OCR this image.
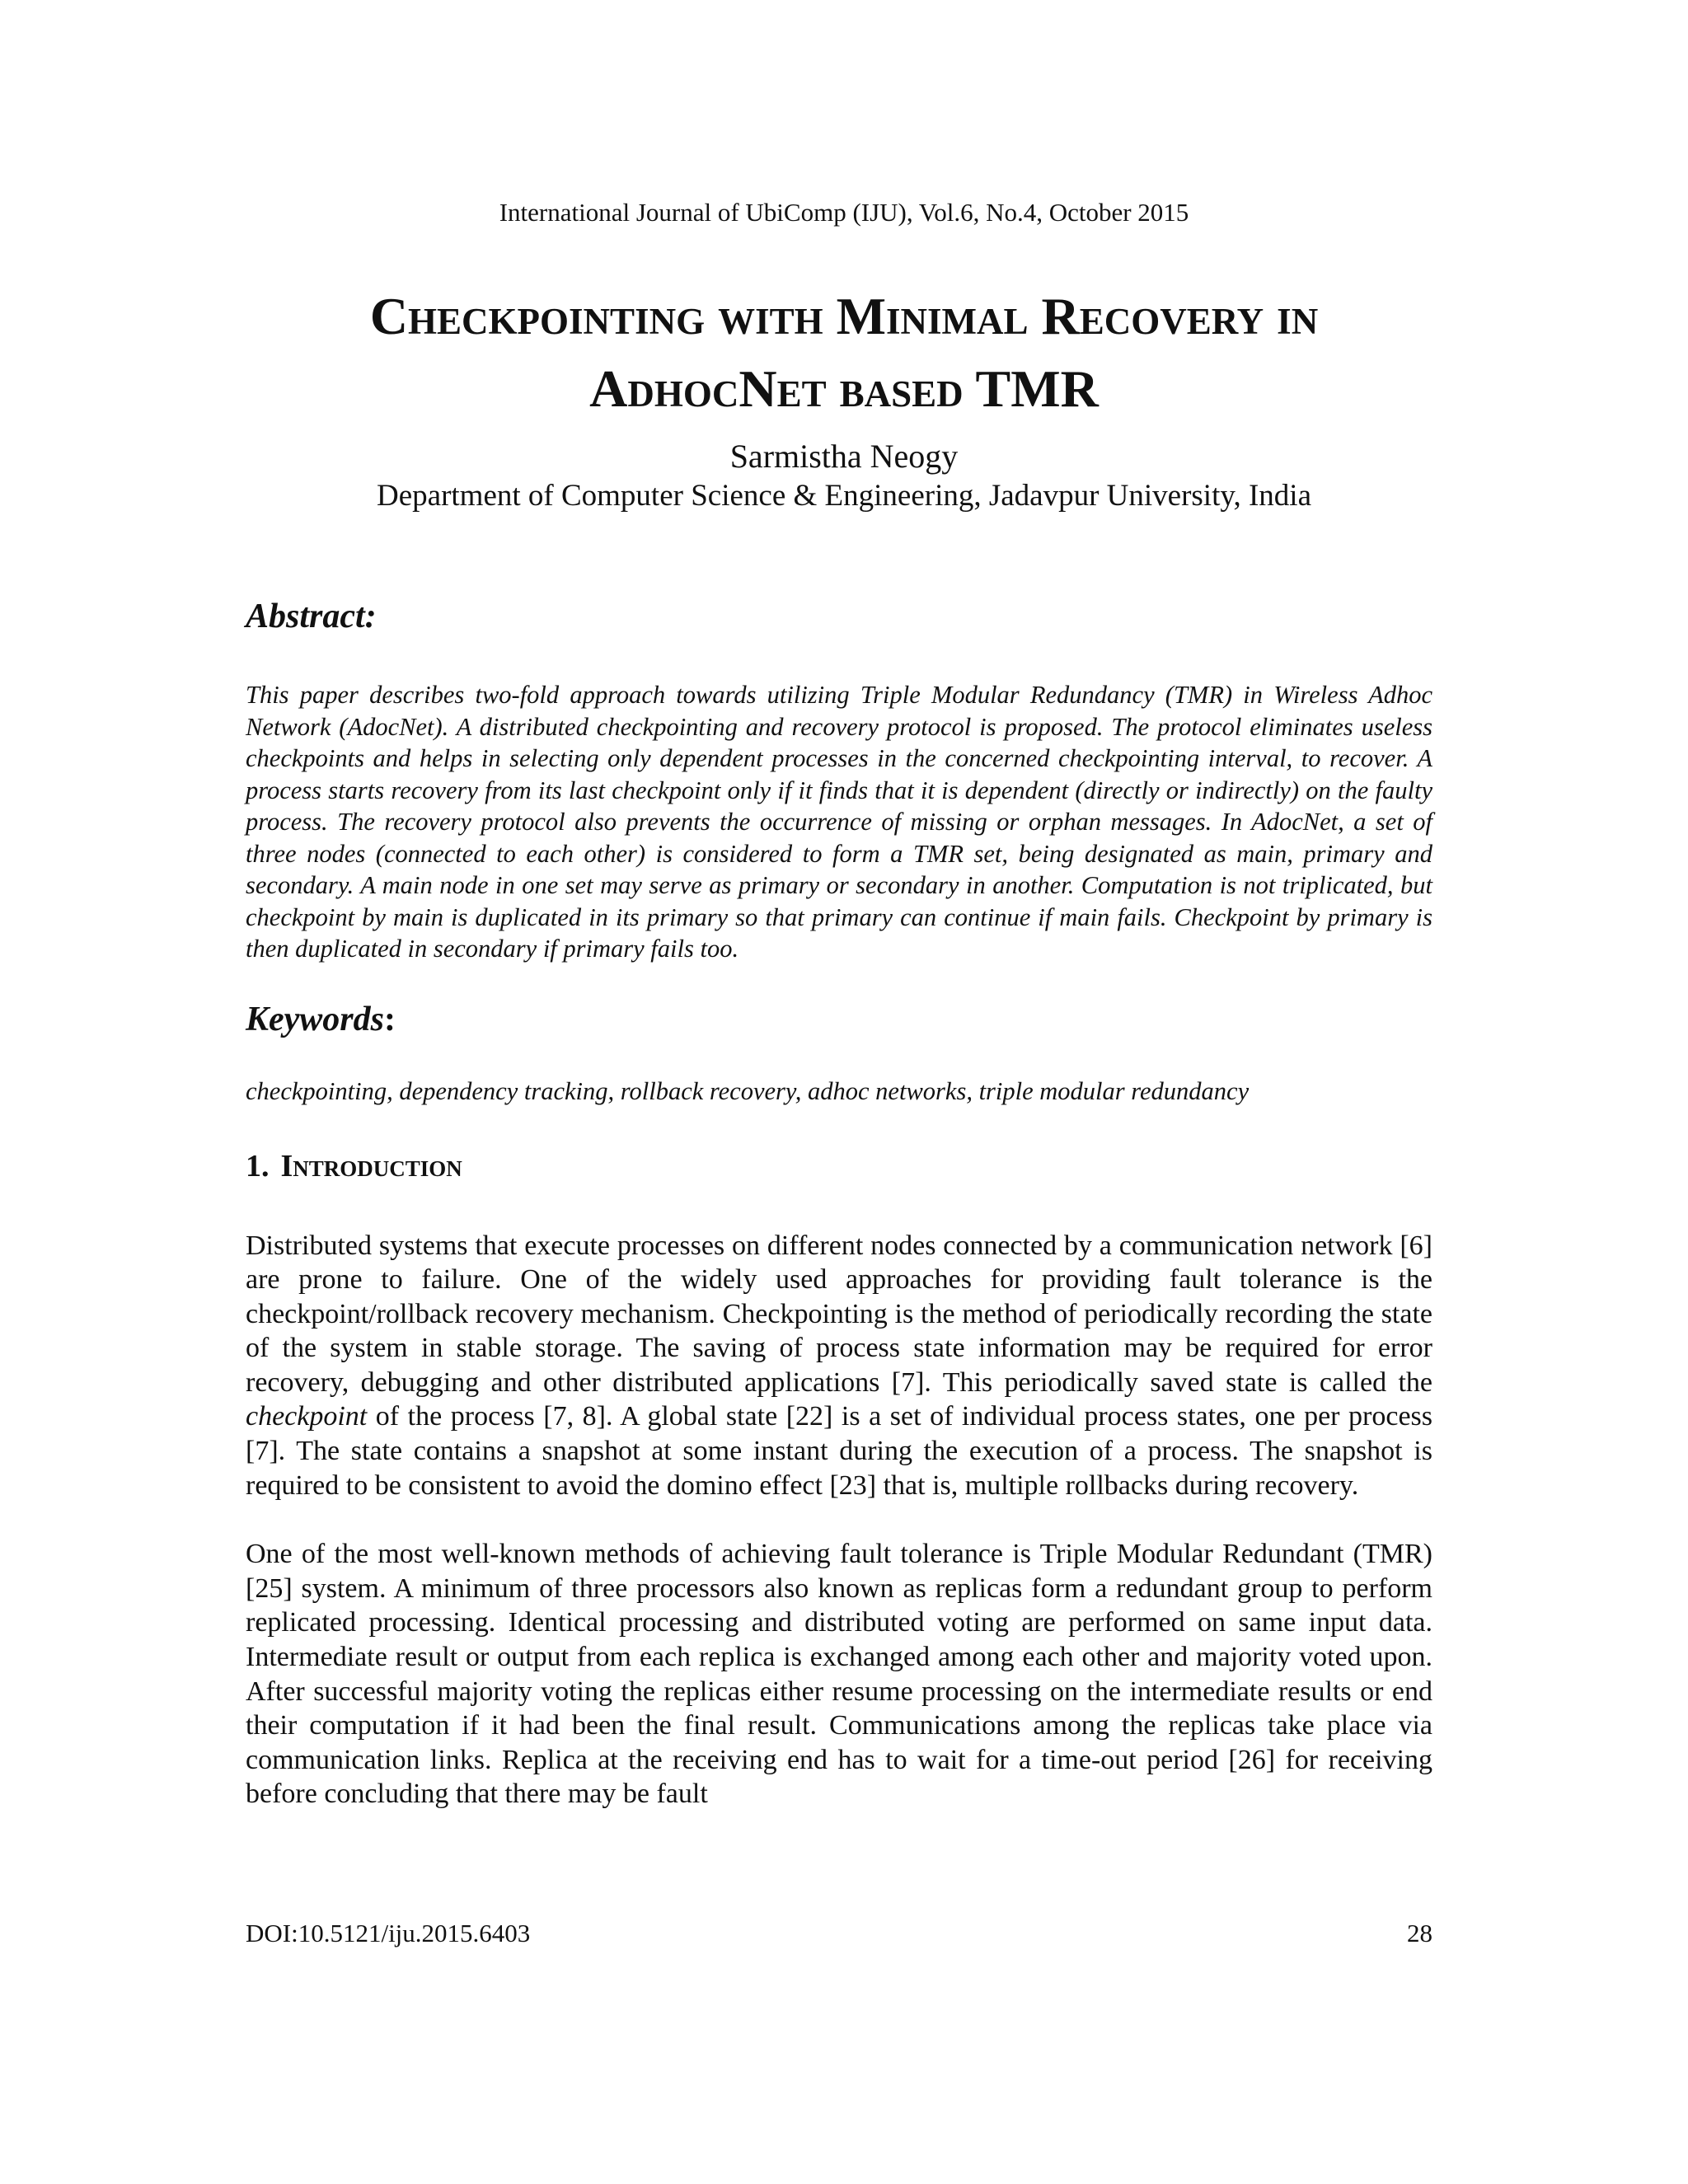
International Journal of UbiComp (IJU), Vol.6, No.4, October 2015
Checkpointing with Minimal Recovery in
AdhocNet based TMR
Sarmistha Neogy
Department of Computer Science & Engineering, Jadavpur University, India
Abstract:

This paper describes two-fold approach towards utilizing Triple Modular Redundancy (TMR) in Wireless Adhoc Network (AdocNet). A distributed checkpointing and recovery protocol is proposed. The protocol eliminates useless checkpoints and helps in selecting only dependent processes in the concerned checkpointing interval, to recover. A process starts recovery from its last checkpoint only if it finds that it is dependent (directly or indirectly) on the faulty process. The recovery protocol also prevents the occurrence of missing or orphan messages. In AdocNet, a set of three nodes (connected to each other) is considered to form a TMR set, being designated as main, primary and secondary. A main node in one set may serve as primary or secondary in another. Computation is not triplicated, but checkpoint by main is duplicated in its primary so that primary can continue if main fails. Checkpoint by primary is then duplicated in secondary if primary fails too.

Keywords:

checkpointing, dependency tracking, rollback recovery, adhoc networks, triple modular redundancy

1. Introduction

Distributed systems that execute processes on different nodes connected by a communication network [6] are prone to failure. One of the widely used approaches for providing fault tolerance is the checkpoint/rollback recovery mechanism. Checkpointing is the method of periodically recording the state of the system in stable storage. The saving of process state information may be required for error recovery, debugging and other distributed applications [7]. This periodically saved state is called the checkpoint of the process [7, 8]. A global state [22] is a set of individual process states, one per process [7]. The state contains a snapshot at some instant during the execution of a process. The snapshot is required to be consistent to avoid the domino effect [23] that is, multiple rollbacks during recovery.

One of the most well-known methods of achieving fault tolerance is Triple Modular Redundant (TMR) [25] system. A minimum of three processors also known as replicas form a redundant group to perform replicated processing. Identical processing and distributed voting are performed on same input data. Intermediate result or output from each replica is exchanged among each other and majority voted upon. After successful majority voting the replicas either resume processing on the intermediate results or end their computation if it had been the final result. Communications among the replicas take place via communication links. Replica at the receiving end has to wait for a time-out period [26] for receiving before concluding that there may be fault

DOI:10.5121/iju.2015.6403	28
